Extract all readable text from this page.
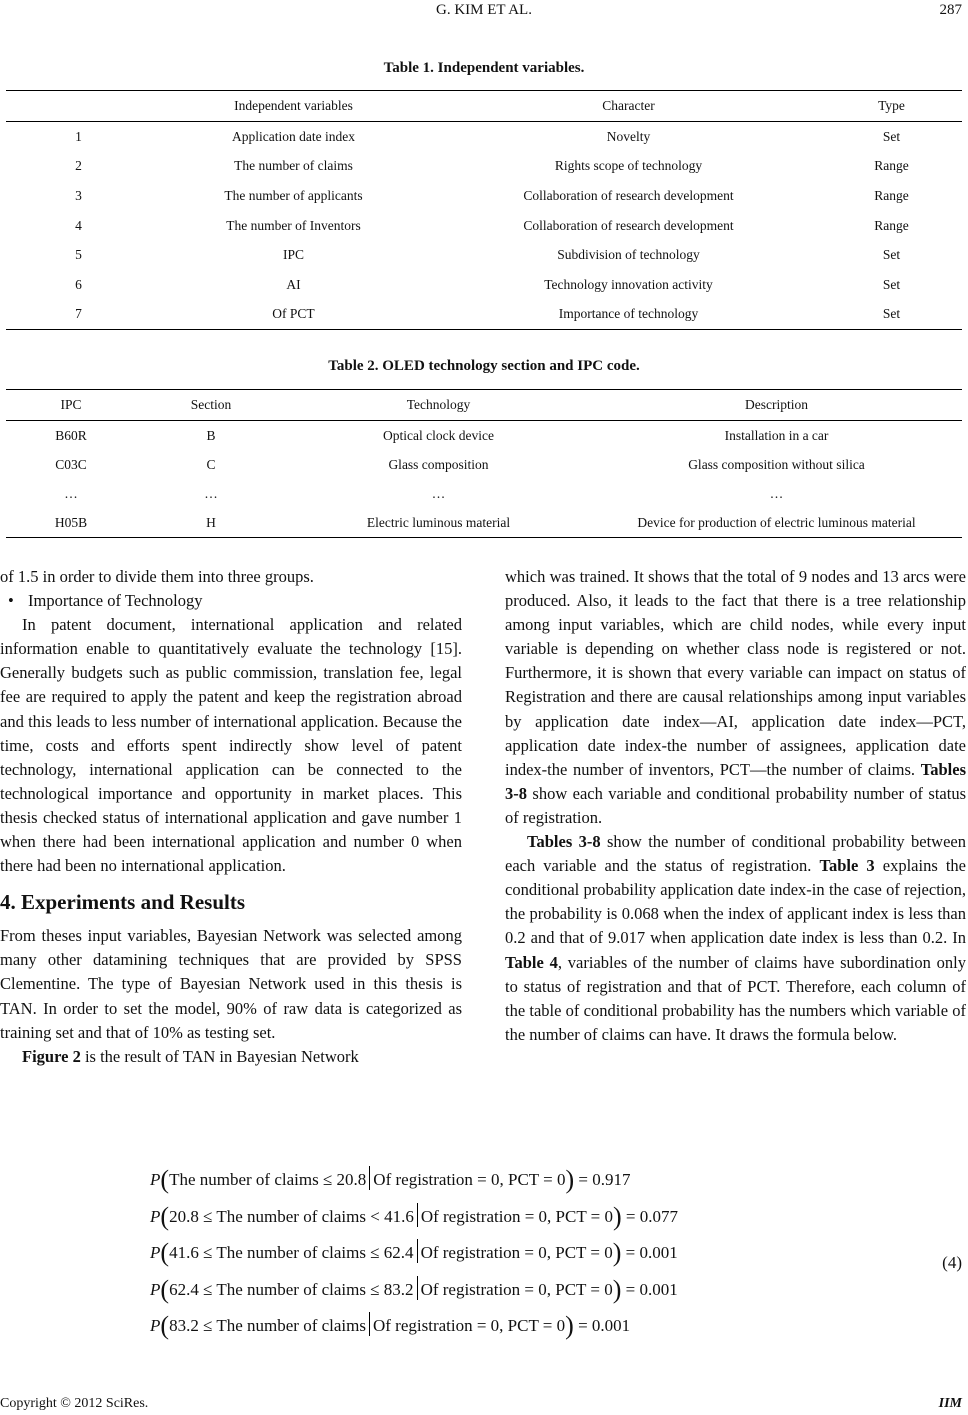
G. KIM ET AL.	287
Table 1. Independent variables.
	Independent variables	Character	Type
1	Application date index	Novelty	Set
2	The number of claims	Rights scope of technology	Range
3	The number of applicants	Collaboration of research development	Range
4	The number of Inventors	Collaboration of research development	Range
5	IPC	Subdivision of technology	Set
6	AI	Technology innovation activity	Set
7	Of PCT	Importance of technology	Set
Table 2. OLED technology section and IPC code.
IPC	Section	Technology	Description
B60R	B	Optical clock device	Installation in a car
C03C	C	Glass composition	Glass composition without silica
…	…	…	…
H05B	H	Electric luminous material	Device for production of electric luminous material

of 1.5 in order to divide them into three groups.

• Importance of Technology

In patent document, international application and related information enable to quantitatively evaluate the technology [15]. Generally budgets such as public commission, translation fee, legal fee are required to apply the patent and keep the registration abroad and this leads to less number of international application. Because the time, costs and efforts spent indirectly show level of patent technology, international application can be connected to the technological importance and opportunity in market places. This thesis checked status of international application and gave number 1 when there had been international application and number 0 when there had been no international application.

4. Experiments and Results

From theses input variables, Bayesian Network was selected among many other datamining techniques that are provided by SPSS Clementine. The type of Bayesian Network used in this thesis is TAN. In order to set the model, 90% of raw data is categorized as training set and that of 10% as testing set.

Figure 2 is the result of TAN in Bayesian Network

which was trained. It shows that the total of 9 nodes and 13 arcs were produced. Also, it leads to the fact that there is a tree relationship among input variables, which are child nodes, while every input variable is depending on whether class node is registered or not. Furthermore, it is shown that every variable can impact on status of Registration and there are causal relationships among input variables by application date index—AI, application date index—PCT, application date index-the number of assignees, application date index-the number of inventors, PCT—the number of claims. Tables 3-8 show each variable and conditional probability number of status of registration.

Tables 3-8 show the number of conditional probability between each variable and the status of registration. Table 3 explains the conditional probability application date index-in the case of rejection, the probability is 0.068 when the index of applicant index is less than 0.2 and that of 9.017 when application date index is less than 0.2. In Table 4, variables of the number of claims have subordination only to status of registration and that of PCT. Therefore, each column of the table of conditional probability has the numbers which variable of the number of claims can have. It draws the formula below.

P(The number of claims ≤ 20.8 Of registration = 0, PCT = 0) = 0.917
P(20.8 ≤ The number of claims < 41.6 Of registration = 0, PCT = 0) = 0.077
P(41.6 ≤ The number of claims ≤ 62.4 Of registration = 0, PCT = 0) = 0.001
P(62.4 ≤ The number of claims ≤ 83.2 Of registration = 0, PCT = 0) = 0.001
P(83.2 ≤ The number of claims Of registration = 0, PCT = 0) = 0.001
(4)
Copyright © 2012 SciRes.	IIM
